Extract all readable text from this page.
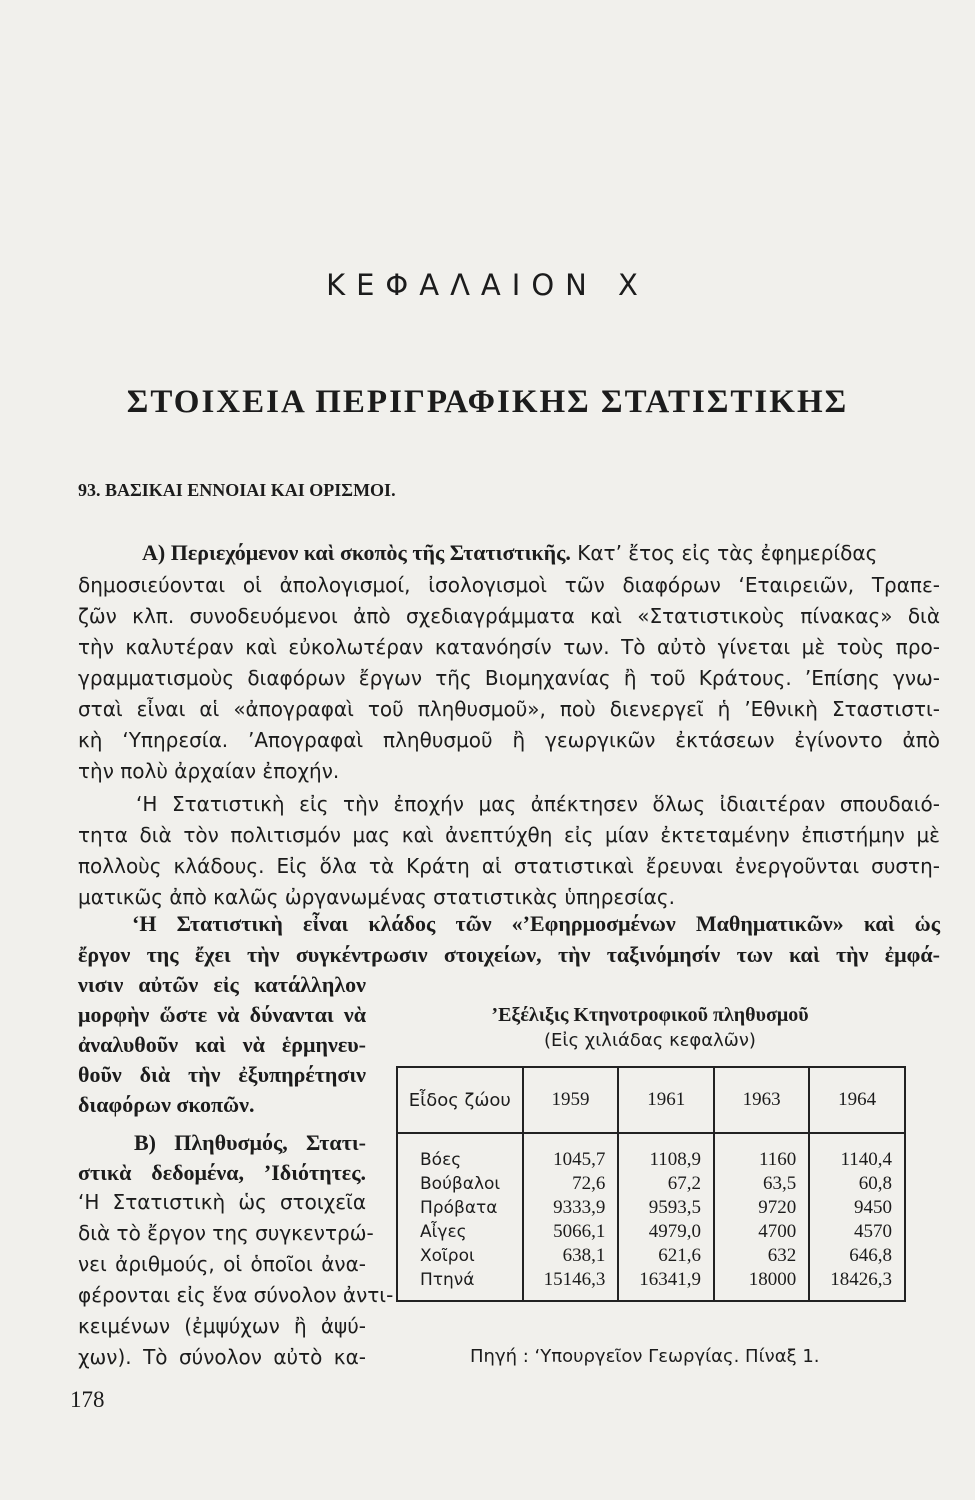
ΚΕΦΑΛΑΙΟΝ X
ΣΤΟΙΧΕΙΑ ΠΕΡΙΓΡΑΦΙΚΗΣ ΣΤΑΤΙΣΤΙΚΗΣ
93. ΒΑΣΙΚΑΙ ΕΝΝΟΙΑΙ ΚΑΙ ΟΡΙΣΜΟΙ.
Α) Περιεχόμενον καὶ σκοπὸς τῆς Στατιστικῆς. Κατ’ ἔτος εἰς τὰς ἐφημερίδας
δημοσιεύονται οἱ ἀπολογισμοί, ἰσολογισμοὶ τῶν διαφόρων ‘Εταιρειῶν, Τραπε-
ζῶν κλπ. συνοδευόμενοι ἀπὸ σχεδιαγράμματα καὶ «Στατιστικοὺς πίνακας» διὰ
τὴν καλυτέραν καὶ εὐκολωτέραν κατανόησίν των. Τὸ αὐτὸ γίνεται μὲ τοὺς προ-
γραμματισμοὺς διαφόρων ἔργων τῆς Βιομηχανίας ἢ τοῦ Κράτους. ’Επίσης γνω-
σταὶ εἶναι αἱ «ἀπογραφαὶ τοῦ πληθυσμοῦ», ποὺ διενεργεῖ ἡ ’Εθνικὴ Σταστιστι-
κὴ ‘Υπηρεσία. ’Απογραφαὶ πληθυσμοῦ ἢ γεωργικῶν ἐκτάσεων ἐγίνοντο ἀπὸ
τὴν πολὺ ἀρχαίαν ἐποχήν.
‘Η Στατιστικὴ εἰς τὴν ἐποχήν μας ἀπέκτησεν ὅλως ἰδιαιτέραν σπουδαιό-
τητα διὰ τὸν πολιτισμόν μας καὶ ἀνεπτύχθη εἰς μίαν ἐκτεταμένην ἐπιστήμην μὲ
πολλοὺς κλάδους. Εἰς ὅλα τὰ Κράτη αἱ στατιστικαὶ ἔρευναι ἐνεργοῦνται συστη-
ματικῶς ἀπὸ καλῶς ὠργανωμένας στατιστικὰς ὑπηρεσίας.
‘Η Στατιστικὴ εἶναι κλάδος τῶν «’Εφηρμοσμένων Μαθηματικῶν» καὶ ὡς
ἔργον της ἔχει τὴν συγκέντρωσιν στοιχείων, τὴν ταξινόμησίν των καὶ τὴν ἐμφά-
νισιν αὐτῶν εἰς κατάλληλον
μορφὴν ὥστε νὰ δύνανται νὰ
ἀναλυθοῦν καὶ νὰ ἑρμηνευ-
θοῦν διὰ τὴν ἐξυπηρέτησιν
διαφόρων σκοπῶν.
Β) Πληθυσμός, Στατι-
στικὰ δεδομένα, ’Ιδιότητες.
‘Η Στατιστικὴ ὡς στοιχεῖα
διὰ τὸ ἔργον της συγκεντρώ-
νει ἀριθμούς, οἱ ὁποῖοι ἀνα-
φέρονται εἰς ἕνα σύνολον ἀντι-
κειμένων (ἐμψύχων ἢ ἀψύ-
χων). Τὸ σύνολον αὐτὸ κα-
’Εξέλιξις Κτηνοτροφικοῦ πληθυσμοῦ
(Εἰς χιλιάδας κεφαλῶν)
Εἶδος ζώου	1959	1961	1963	1964
Βόες	1045,7	1108,9	1160	1140,4
Βούβαλοι	72,6	67,2	63,5	60,8
Πρόβατα	9333,9	9593,5	9720	9450
Αἶγες	5066,1	4979,0	4700	4570
Χοῖροι	638,1	621,6	632	646,8
Πτηνά	15146,3	16341,9	18000	18426,3
Πηγή : ‘Υπουργεῖον Γεωργίας. Πίναξ 1.
178
